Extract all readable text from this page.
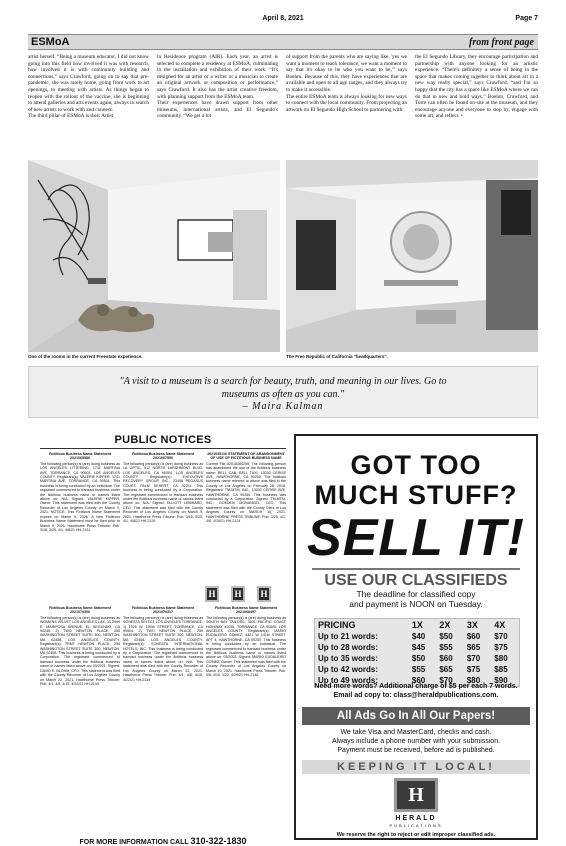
April 8, 2021	Page 7
ESMoA	from front page
artist herself. “Being a museum educator, I did not know going into this field how involved it was with research, how involved it is with community building and connections,” says Crawford, going on to say that pre-pandemic, she was rarely home, going from work to art openings, to meeting with artists. As things began to reopen with the rollout of the vaccine, she is beginning to attend galleries and arts events again, always in search of new artists to work with and connect.
The third pillar of ESMoA is their Artist
in Residence program (AIR). Each year, an artist is selected to complete a residency at ESMoA, culminating in the installation and exhibition of their work. “It's designed for an artist or a writer or a musician to create an original artwork or composition or performance,” says Crawford. It also has the artist creative freedom, with planning support from the ESMoA team.
Their experiences have drawn support from other museums, international artists, and El Segundo's community. “We get a lot
of support from the parents who are saying like, 'yes we want a moment to teach tolerance, we want a moment to say that it's okay to be who you want to be,'” says Boehm. Because of this, they have experiences that are available and open to all age ranges, and they always try to make it accessible.
The entire ESMoA team is always looking for new ways to connect with the local community. From projecting an artwork on El Segundo High School to partnering with
the El Segundo Library, they encourage participation and partnership with anyone looking for an artistic experience. “There's definitely a sense of being in the space that makes coming together to think about art in a new way really special,” says Crawford, “and I'm so happy that the city has a space like ESMoA where we can do that in new and bold ways.” Boehm, Crawford, and Torre can often be found on-site at the museum, and they encourage anyone and everyone to stop by, engage with some art, and reflect. •
One of the rooms in the current Freestate experience.	The Free Republic of California "headquarters".
"A visit to a museum is a search for beauty, truth, and meaning in our lives. Go to museums as often as you can."
– Maira Kalman
PUBLIC NOTICES
Fictitious Business Name Statement 2021065586
The following person(s) is (are) doing business as LOS ANGELES LITTERING, 1741 MARTINA AVE, TORRANCE, CA 90501. LOS ANGELES COUNTY. Registrant(s): VALERIE KIPPER, 1741 MARTINA AVE, TORRANCE, CA 90501. This business is being conducted by an Individual. The registrant commenced to transact business under the fictitious business name or names listed above on: N/A. Signed: VALERIE KIPPER, Owner. This statement was filed with the County Recorder of Los Angeles County on March 9, 2021. NOTICE: This Fictitious Name Statement expires on March 9, 2026. A new Fictitious Business Name Statement must be filed prior to March 9, 2026. Hawthorne Press Tribune: Pub. 3/18, 3/25, 4/1, 4/8/21 HH-2131
Fictitious Business Name Statement 2021067556
The following person(s) is (are) doing business as LA OPTIC, 512 NORTH LARCHMONT BLVD, LOS ANGELES, CA 90004. LOS ANGELES COUNTY. Registrant(s): EXECUTIVE RECOVERY GROUP, INC., 23456 PEGASUS COURT, PALM DESERT, CA 92211. This business is being conducted by a Corporation. The registrant commenced to transact business under the fictitious business name or names listed above on: N/A. Signed: ELLIOTT LEIBHARD, CEO. This statement was filed with the County Recorder of Los Angeles County on March 9, 2021. Hawthorne Press Tribune: Pub. 3/18, 3/25, 4/1, 4/8/21 HH-2129
2021035116 STATEMENT OF ABANDONMENT OF USE OF FICTITIOUS BUSINESS NAME
Current File #2018364259. The following person has abandoned the use of the fictitious business name: BELL CAB, BELL TAXI, 13030 CERISE AVE, HAWTHORNE, CA 90250. The fictitious business name referred to above was filed in the County of Los Angeles on February 28, 2018. Registrant: TM-MTM, INC., 13030 CERISE AVE, HAWTHORNE, CA 90250. This business was conducted by a Corporation. Signed: TM-MTM, INC., GOKDEN MONANGEL, CEO. This statement was filed with the County Clerk of Los Angeles County on MARCH 10, 2021. HAWTHORNE PRESS TRIBUNE: Pub. 3/25, 4/1, 4/8, 4/15/21 HH-2124
H	H	H
Fictitious Business Name Statement 2021070306
The following person(s) is (are) doing business as WOMENS VELVET LOS ANGELES LAX, 13 2999 E. MARIPOSA AVENUE, EL SEGUNDO, CA 90245. 2) TWO NEWTON PLACE, 255 WASHINGTON STREET SUITE 300, NEWTON, MA 02458. LOS ANGELES COUNTY. Registrant(s): TRMT NEWTON PLACE, 255 WASHINGTON STREET SUITE 300, NEWTON, MA 02458. This business is being conducted by a Corporation. The registrant commenced to transact business under the fictitious business name or names listed above on: 03/2021. Signed: DAVID E. BLOHM, CFO. This statement was filed with the County Recorder of Los Angeles County on March 22, 2021. Hawthorne Press Tribune: Pub. 4/1, 4/8, 4/15, 4/22/21 HH-2143
Fictitious Business Name Statement 2021070317
The following person(s) is (are) doing business as SONESTA SELECT LOS ANGELES TORRANCE, 1) 1925 W. 190th STREET, TORRANCE, CA 90504. 2) TWO NEWTON PLACE, 255 WASHINGTON STREET SUITE 300, NEWTON, MA 02458. LOS ANGELES COUNTY. Registrant(s): SONESTA INTERNATIONAL HOTELS, INC. This business is being conducted by a Corporation. The registrant commenced to transact business under the fictitious business name or names listed above on: N/A. This statement was filed with the County Recorder of Los Angeles County on March 22, 2021. Hawthorne Press Tribune: Pub. 4/1, 4/8, 4/15, 4/22/21 HH-2144
Fictitious Business Name Statement 2021068457
The following person(s) is (are) doing business as SOUTH BAY TAILORS, 3601 PACIFIC COAST HIGHWAY #2035, TORRANCE, CA 90505. LOS ANGELES COUNTY. Registrant(s): MARIO EUDALEIRO GOMEZ, 4421 W 141st STREET APT 4, HAWTHORNE, CA 90250. This business is being conducted by an Individual. The registrant commenced to transact business under the fictitious business name or names listed above on: 03/2003. Signed: MARIO EUDALEIRO GOMEZ, Owner. This statement was filed with the County Recorder of Los Angeles County on March 10, 2021. Hawthorne Press Tribune: Pub. 4/8, 4/15, 4/22, 4/29/21 HH-2148
FOR MORE INFORMATION CALL 310-322-1830
GOT TOO
MUCH STUFF?
SELL IT!
USE OUR CLASSIFIEDS
The deadline for classified copy
and payment is NOON on Tuesday.
PRICING	1X	2X	3X	4X
Up to 21 words:	$40	$50	$60	$70
Up to 28 words:	$45	$55	$65	$75
Up to 35 words:	$50	$60	$70	$80
Up to 42 words:	$55	$65	$75	$85
Up to 49 words:	$60	$70	$80	$90
Need more words? Additional charge of $5 per each 7 words.
Email ad copy to: class@heraldpublications.com.
All Ads Go In All Our Papers!
We take Visa and MasterCard, checks and cash.
Always include a phone number with your submission.
Payment must be received, before ad is published.
KEEPING IT LOCAL!
H
HERALD
PUBLICATIONS
We reserve the right to reject or edit improper classified ads.
